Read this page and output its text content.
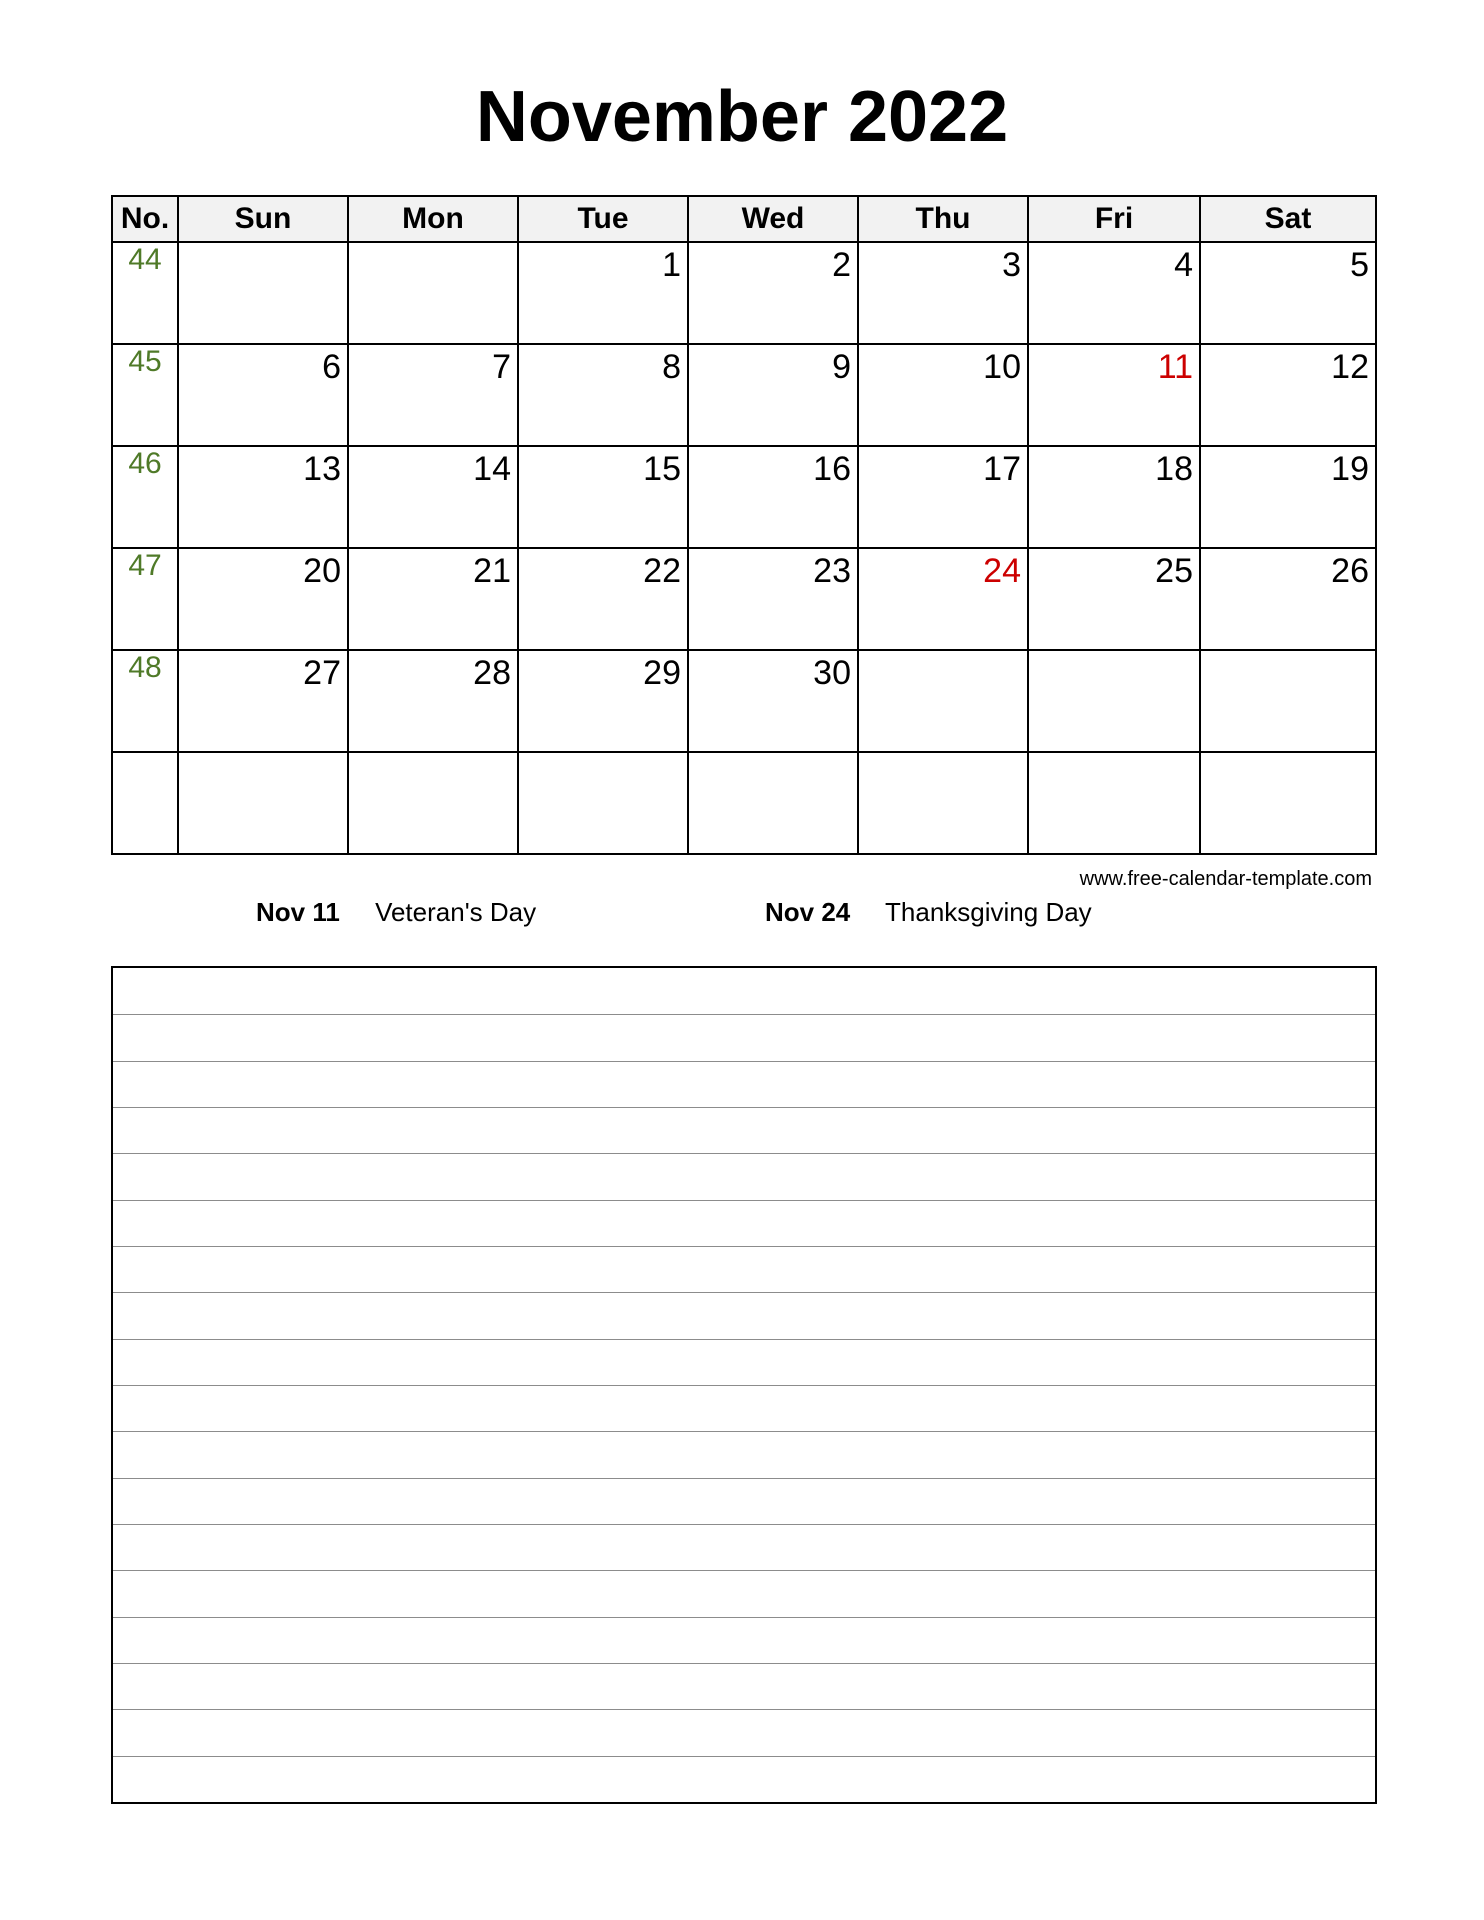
November 2022
No.	Sun	Mon	Tue	Wed	Thu	Fri	Sat
44			1	2	3	4	5

45	6	7	8	9	10	11	12

46	13	14	15	16	17	18	19

47	20	21	22	23	24	25	26

48	27	28	29	30			

www.free-calendar-template.com
Nov 11 Veteran's Day	Nov 24 Thanksgiving Day
